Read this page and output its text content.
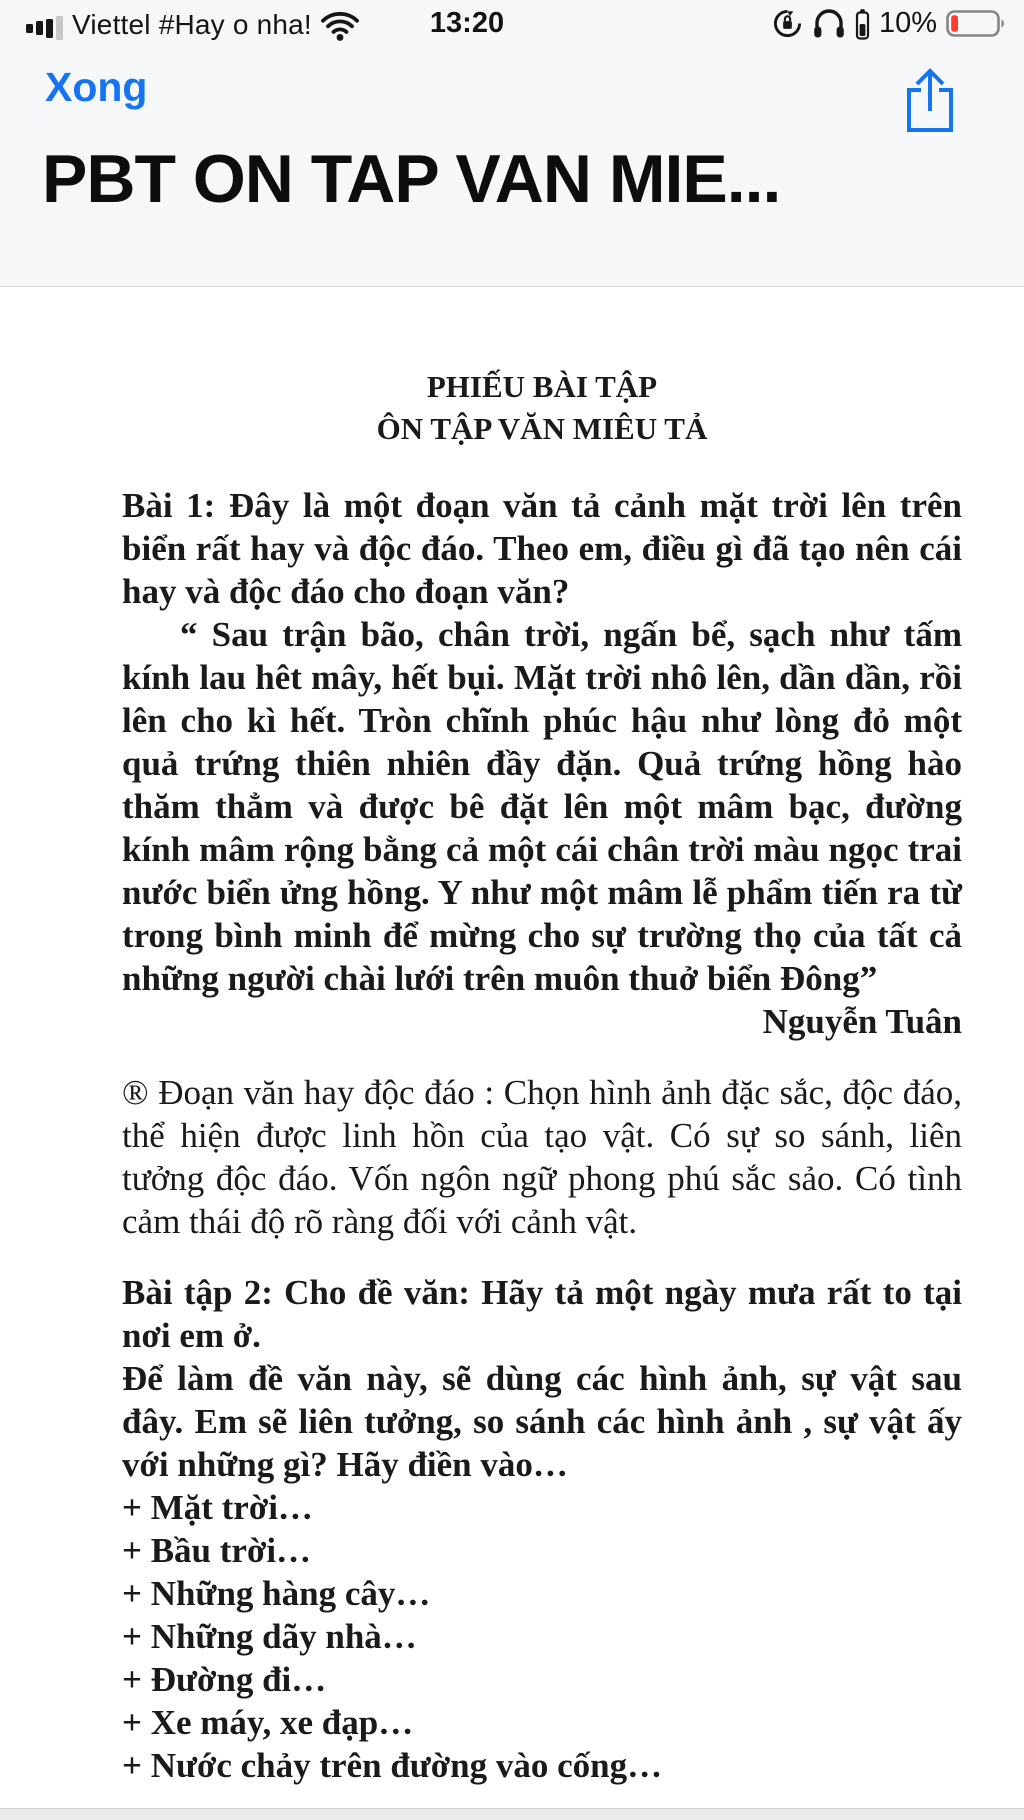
Viettel #Hay o nha!	13:20	10%
Xong
PBT ON TAP VAN MIE...
PHIẾU BÀI TẬP
ÔN TẬP VĂN MIÊU TẢ

Bài 1: Đây là một đoạn văn tả cảnh mặt trời lên trên biển rất hay và độc đáo. Theo em, điều gì đã tạo nên cái hay và độc đáo cho đoạn văn?

“ Sau trận bão, chân trời, ngấn bể, sạch như tấm kính lau hêt mây, hết bụi. Mặt trời nhô lên, dần dần, rồi lên cho kì hết. Tròn chĩnh phúc hậu như lòng đỏ một quả trứng thiên nhiên đầy đặn. Quả trứng hồng hào thăm thẳm và được bê đặt lên một mâm bạc, đường kính mâm rộng bằng cả một cái chân trời màu ngọc trai nước biển ửng hồng. Y như một mâm lễ phẩm tiến ra từ trong bình minh để mừng cho sự trường thọ của tất cả những người chài lưới trên muôn thuở biển Đông”

Nguyễn Tuân

® Đoạn văn hay độc đáo : Chọn hình ảnh đặc sắc, độc đáo, thể hiện được linh hồn của tạo vật. Có sự so sánh, liên tưởng độc đáo. Vốn ngôn ngữ phong phú sắc sảo. Có tình cảm thái độ rõ ràng đối với cảnh vật.

Bài tập 2: Cho đề văn: Hãy tả một ngày mưa rất to tại nơi em ở.

Để làm đề văn này, sẽ dùng các hình ảnh, sự vật sau đây. Em sẽ liên tưởng, so sánh các hình ảnh , sự vật ấy với những gì? Hãy điền vào…

+ Mặt trời…
+ Bầu trời…
+ Những hàng cây…
+ Những dãy nhà…
+ Đường đi…
+ Xe máy, xe đạp…
+ Nước chảy trên đường vào cống…
